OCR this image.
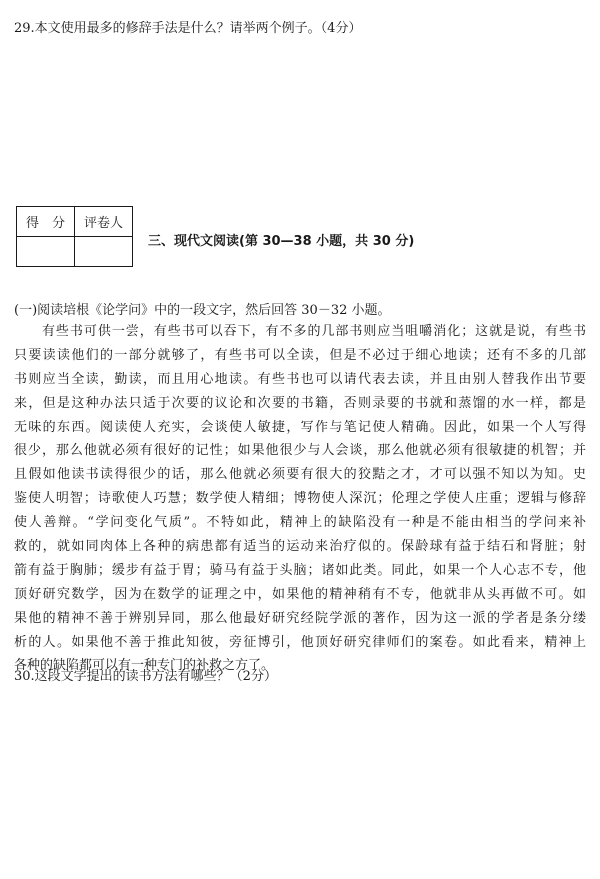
29.本文使用最多的修辞手法是什么？请举两个例子。（4分）
得　分	评卷人

三、现代文阅读(第 30—38 小题，共 30 分)
(一)阅读培根《论学问》中的一段文字，然后回答 30－32 小题。
　　有些书可供一尝，有些书可以吞下，有不多的几部书则应当咀嚼消化；这就是说，有些书
只要读读他们的一部分就够了，有些书可以全读，但是不必过于细心地读；还有不多的几部
书则应当全读，勤读，而且用心地读。有些书也可以请代表去读，并且由别人替我作出节要
来，但是这种办法只适于次要的议论和次要的书籍，否则录要的书就和蒸馏的水一样，都是
无味的东西。阅读使人充实，会谈使人敏捷，写作与笔记使人精确。因此，如果一个人写得
很少，那么他就必须有很好的记性；如果他很少与人会谈，那么他就必须有很敏捷的机智；并
且假如他读书读得很少的话，那么他就必须要有很大的狡黠之才，才可以强不知以为知。史
鉴使人明智；诗歌使人巧慧；数学使人精细；博物使人深沉；伦理之学使人庄重；逻辑与修辞
使人善辩。“学问变化气质”。不特如此，精神上的缺陷没有一种是不能由相当的学问来补
救的，就如同肉体上各种的病患都有适当的运动来治疗似的。保龄球有益于结石和肾脏；射
箭有益于胸肺；缓步有益于胃；骑马有益于头脑；诸如此类。同此，如果一个人心志不专，他
顶好研究数学，因为在数学的证理之中，如果他的精神稍有不专，他就非从头再做不可。如
果他的精神不善于辨别异同，那么他最好研究经院学派的著作，因为这一派的学者是条分缕
析的人。如果他不善于推此知彼，旁征博引，他顶好研究律师们的案卷。如此看来，精神上
各种的缺陷都可以有一种专门的补救之方了。
30.这段文字提出的读书方法有哪些？（2分）
